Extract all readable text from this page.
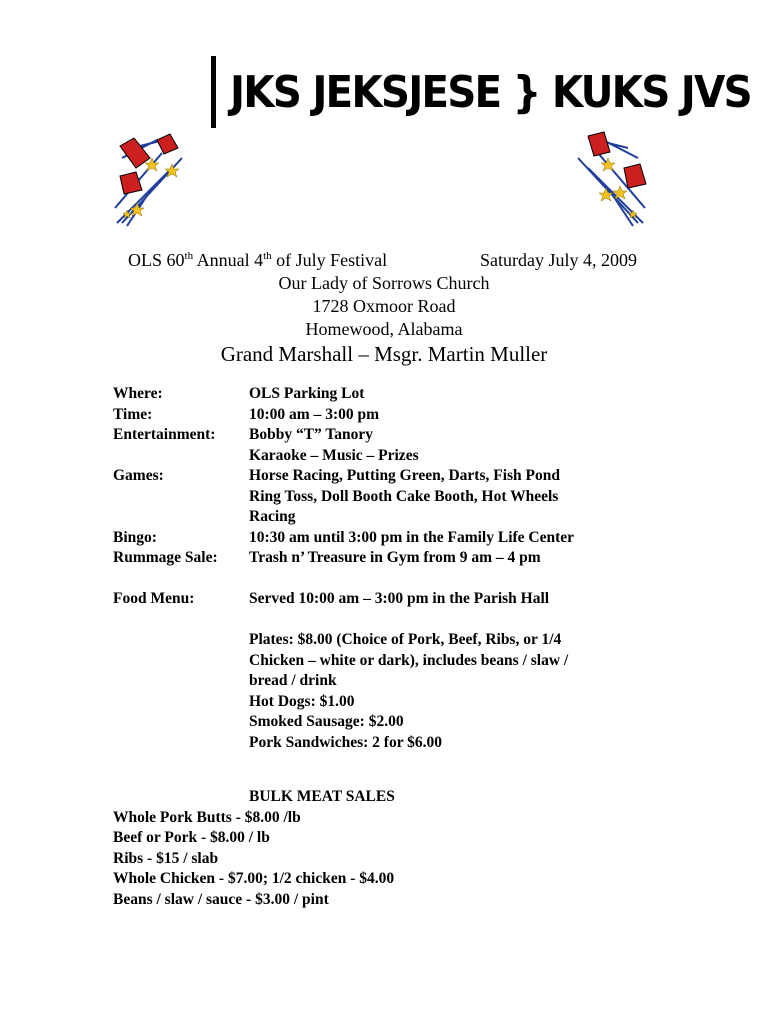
JKS JEKSJESE } KUKS JVS
OLS 60th Annual 4th of July Festival	Saturday July 4, 2009
Our Lady of Sorrows Church
1728 Oxmoor Road
Homewood, Alabama
Grand Marshall – Msgr. Martin Muller
Where:	OLS Parking Lot
Time:	10:00 am – 3:00 pm
Entertainment: Bobby “T” Tanory
Karaoke – Music – Prizes
Games:	Horse Racing, Putting Green, Darts, Fish Pond
Ring Toss, Doll Booth Cake Booth, Hot Wheels
Racing
Bingo:	10:30 am until 3:00 pm in the Family Life Center
Rummage Sale: Trash n’ Treasure in Gym from 9 am – 4 pm
Food Menu:	Served 10:00 am – 3:00 pm in the Parish Hall
Plates: $8.00 (Choice of Pork, Beef, Ribs, or 1/4
Chicken – white or dark), includes beans / slaw /
bread / drink
Hot Dogs: $1.00
Smoked Sausage: $2.00
Pork Sandwiches: 2 for $6.00
BULK MEAT SALES
Whole Pork Butts - $8.00 /lb
Beef or Pork - $8.00 / lb
Ribs - $15 / slab
Whole Chicken - $7.00; 1/2 chicken - $4.00
Beans / slaw / sauce - $3.00 / pint
